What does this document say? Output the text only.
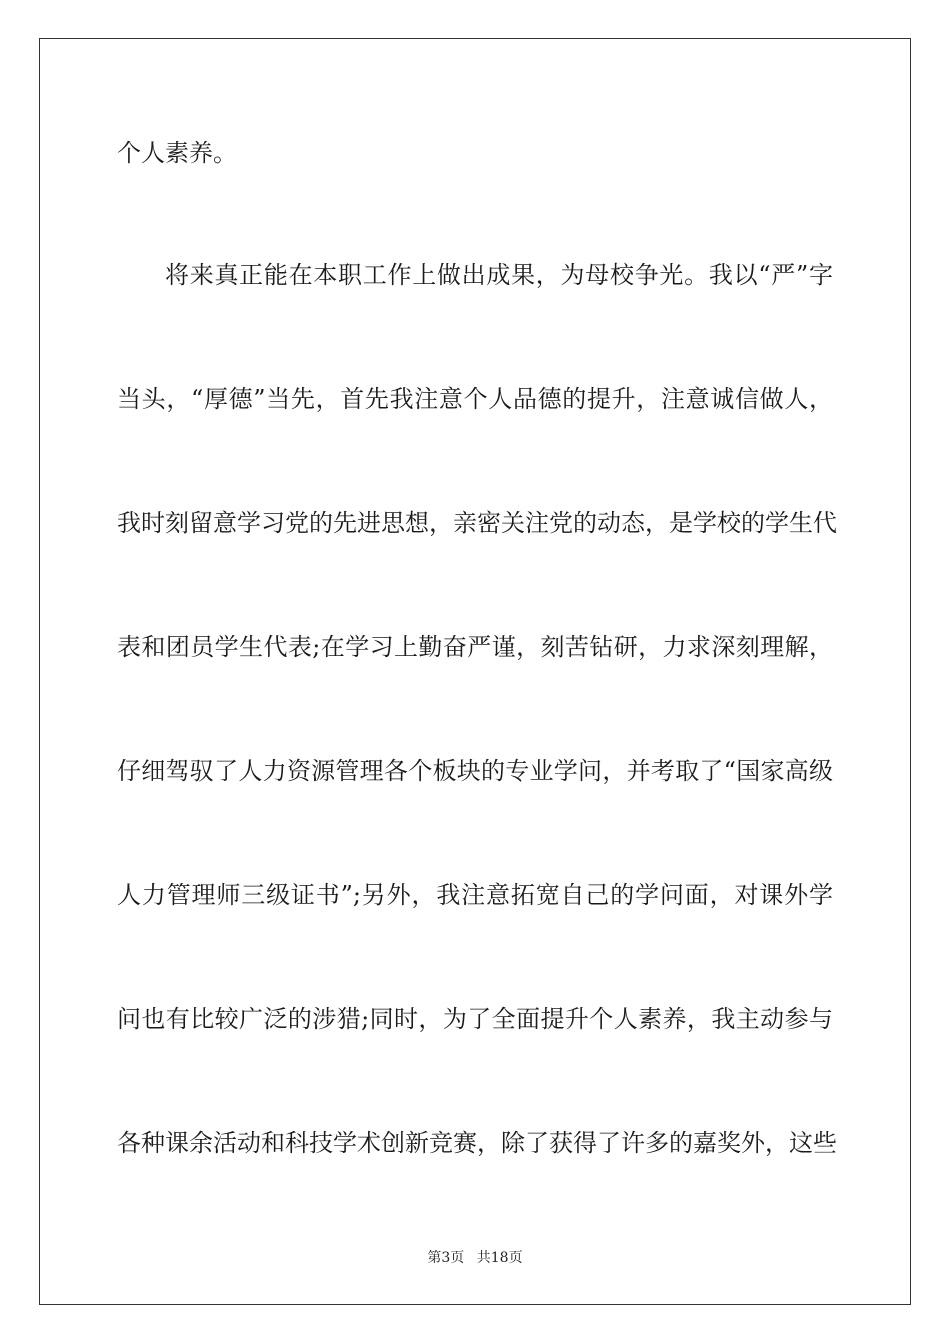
个人素养。
将来真正能在本职工作上做出成果，为母校争光。我以“严”字
当头，“厚德”当先，首先我注意个人品德的提升，注意诚信做人，
我时刻留意学习党的先进思想，亲密关注党的动态，是学校的学生代
表和团员学生代表;在学习上勤奋严谨，刻苦钻研，力求深刻理解，
仔细驾驭了人力资源管理各个板块的专业学问，并考取了“国家高级
人力管理师三级证书”;另外，我注意拓宽自己的学问面，对课外学
问也有比较广泛的涉猎;同时，为了全面提升个人素养，我主动参与
各种课余活动和科技学术创新竞赛，除了获得了许多的嘉奖外，这些
第3页 共18页
